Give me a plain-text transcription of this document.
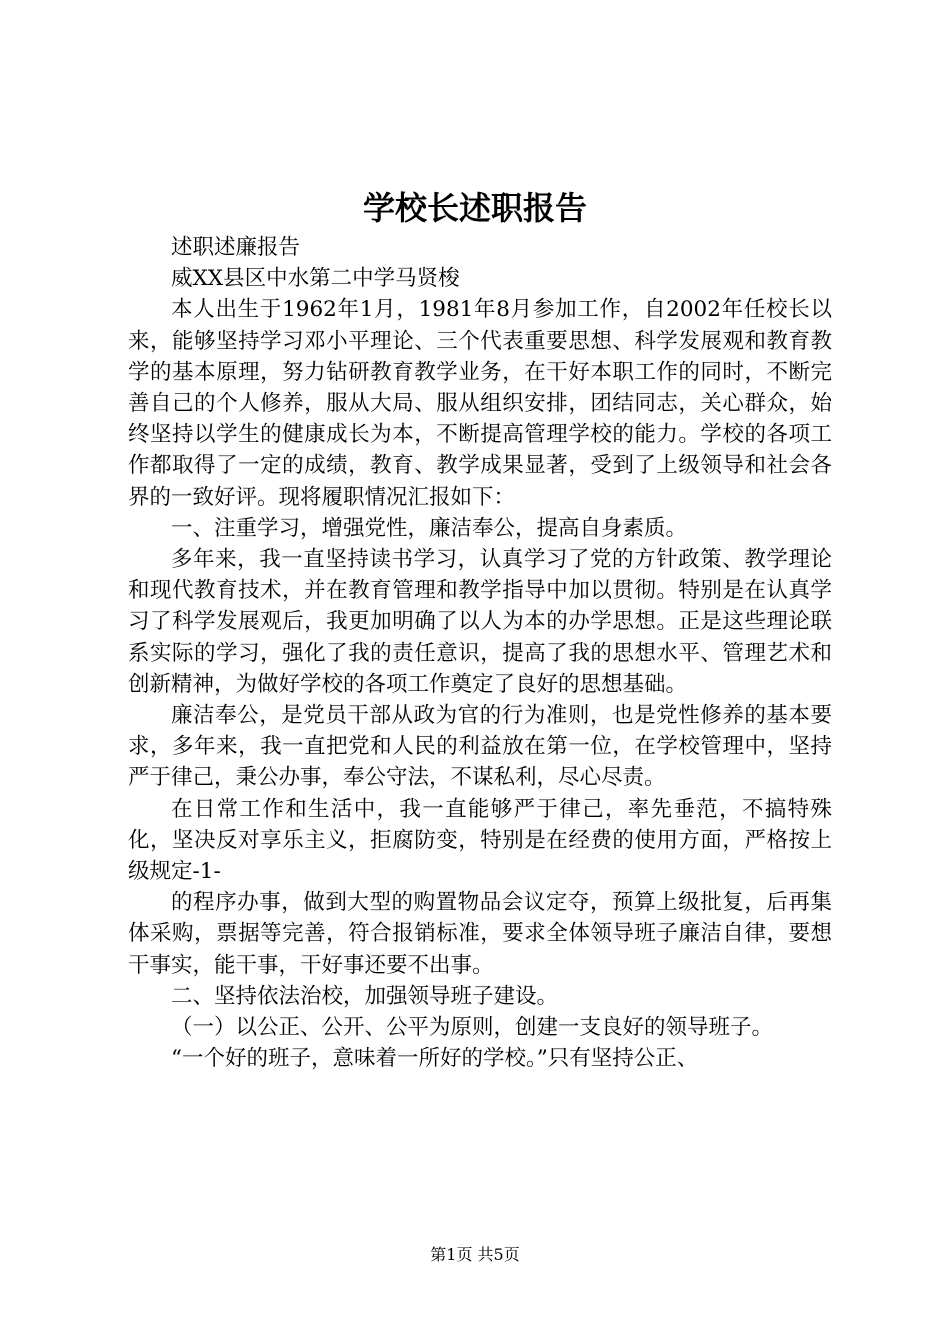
学校长述职报告

述职述廉报告

威XX县区中水第二中学马贤梭

本人出生于1962年1月，1981年8月参加工作，自2002年任校长以来，能够坚持学习邓小平理论、三个代表重要思想、科学发展观和教育教学的基本原理，努力钻研教育教学业务，在干好本职工作的同时，不断完善自己的个人修养，服从大局、服从组织安排，团结同志，关心群众，始终坚持以学生的健康成长为本，不断提高管理学校的能力。学校的各项工作都取得了一定的成绩，教育、教学成果显著，受到了上级领导和社会各界的一致好评。现将履职情况汇报如下：

一、注重学习，增强党性，廉洁奉公，提高自身素质。

多年来，我一直坚持读书学习，认真学习了党的方针政策、教学理论和现代教育技术，并在教育管理和教学指导中加以贯彻。特别是在认真学习了科学发展观后，我更加明确了以人为本的办学思想。正是这些理论联系实际的学习，强化了我的责任意识，提高了我的思想水平、管理艺术和创新精神，为做好学校的各项工作奠定了良好的思想基础。

廉洁奉公，是党员干部从政为官的行为准则，也是党性修养的基本要求，多年来，我一直把党和人民的利益放在第一位，在学校管理中，坚持严于律己，秉公办事，奉公守法，不谋私利，尽心尽责。

在日常工作和生活中，我一直能够严于律己，率先垂范，不搞特殊化，坚决反对享乐主义，拒腐防变，特别是在经费的使用方面，严格按上级规定-1-

的程序办事，做到大型的购置物品会议定夺，预算上级批复，后再集体采购，票据等完善，符合报销标准，要求全体领导班子廉洁自律，要想干事实，能干事，干好事还要不出事。

二、坚持依法治校，加强领导班子建设。

（一）以公正、公开、公平为原则，创建一支良好的领导班子。

“一个好的班子，意味着一所好的学校。”只有坚持公正、

第1页 共5页
